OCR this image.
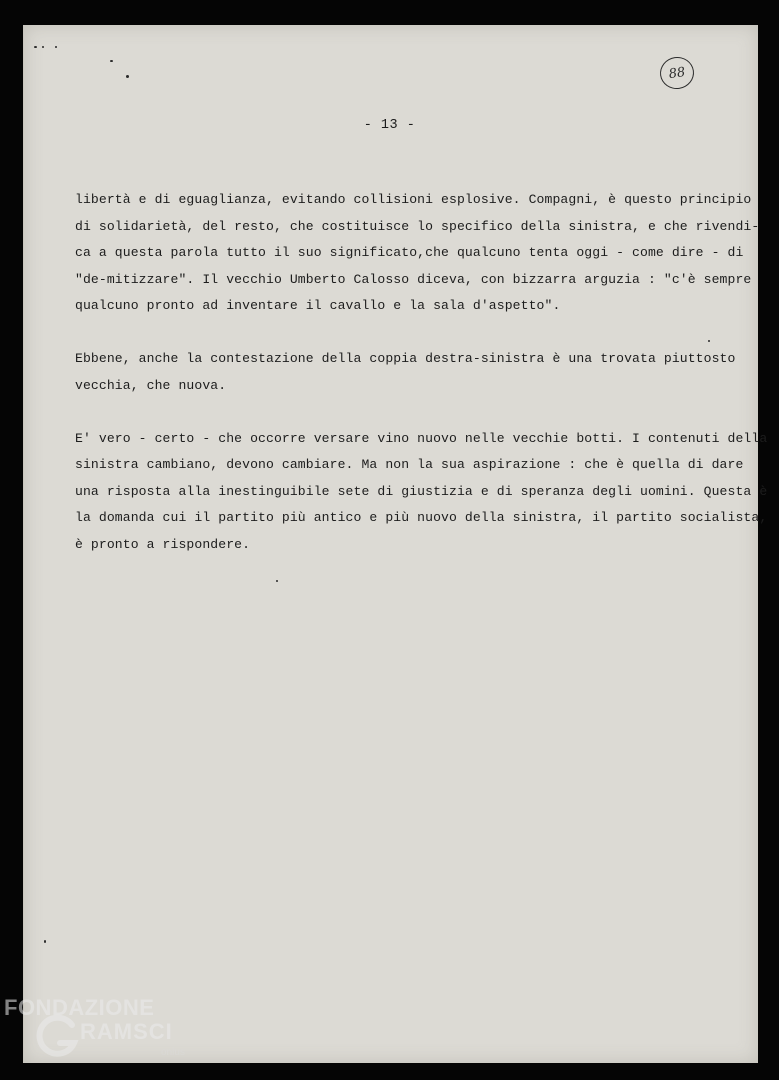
88
- 13 -
libertà e di eguaglianza, evitando collisioni esplosive. Compagni, è questo principio
di solidarietà, del resto, che costituisce lo specifico della sinistra, e che rivendi-
ca a questa parola tutto il suo significato,che qualcuno tenta oggi - come dire - di
"de-mitizzare". Il vecchio Umberto Calosso diceva, con bizzarra arguzia : "c'è sempre
qualcuno pronto ad inventare il cavallo e la sala d'aspetto".
Ebbene, anche la contestazione della coppia destra-sinistra è una trovata piuttosto
vecchia, che nuova.
E' vero - certo - che occorre versare vino nuovo nelle vecchie botti. I contenuti della
sinistra cambiano, devono cambiare. Ma non la sua aspirazione : che è quella di dare
una risposta alla inestinguibile sete di giustizia e di speranza degli uomini. Questa è
la domanda cui il partito più antico e più nuovo della sinistra, il partito socialista,
è pronto a rispondere.
FONDAZIONE
RAMSCI
onlus
